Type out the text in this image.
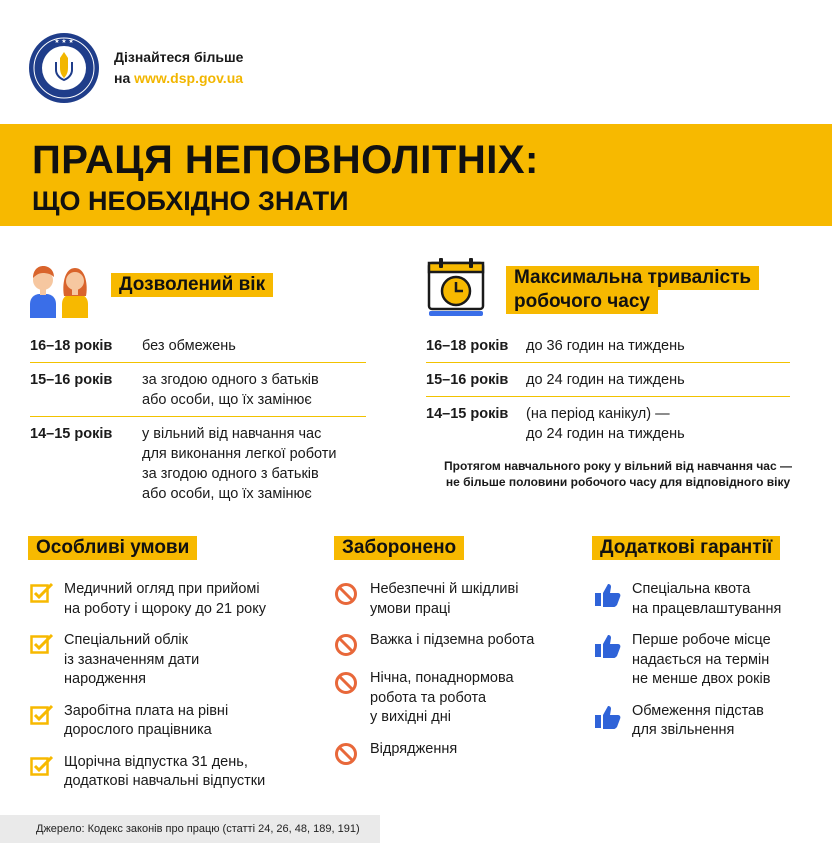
★ ★ ★
Дізнайтеся більше
на www.dsp.gov.ua
ПРАЦЯ НЕПОВНОЛІТНІХ:
ЩО НЕОБХІДНО ЗНАТИ
Дозволений вік
16–18 років	без обмежень
15–16 років	за згодою одного з батьків
або особи, що їх замінює
14–15 років	у вільний від навчання час
для виконання легкої роботи
за згодою одного з батьків
або особи, що їх замінює
Максимальна тривалість
робочого часу
16–18 років	до 36 годин на тиждень
15–16 років	до 24 годин на тиждень
14–15 років	(на період канікул) —
до 24 годин на тиждень
Протягом навчального року у вільний від навчання час —
не більше половини робочого часу для відповідного віку
Особливі умови
Медичний огляд при прийомі
на роботу і щороку до 21 року
Спеціальний облік
із зазначенням дати
народження
Заробітна плата на рівні
дорослого працівника
Щорічна відпустка 31 день,
додаткові навчальні відпустки
Заборонено
Небезпечні й шкідливі
умови праці
Важка і підземна робота
Нічна, понаднормова
робота та робота
у вихідні дні
Відрядження
Додаткові гарантії
Спеціальна квота
на працевлаштування
Перше робоче місце
надається на термін
не менше двох років
Обмеження підстав
для звільнення
Джерело: Кодекс законів про працю (статті 24, 26, 48, 189, 191)
